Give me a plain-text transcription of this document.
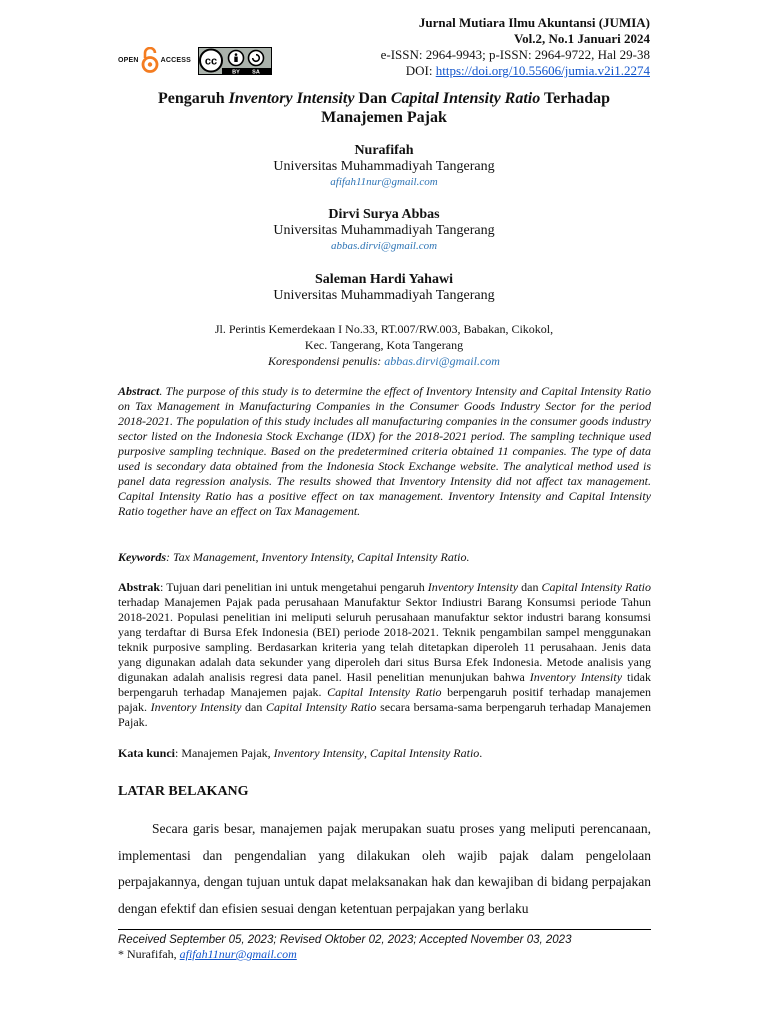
Jurnal Mutiara Ilmu Akuntansi (JUMIA)
Vol.2, No.1 Januari 2024
e-ISSN: 2964-9943; p-ISSN: 2964-9722, Hal 29-38
DOI: https://doi.org/10.55606/jumia.v2i1.2274
OPEN	ACCESS cc
BY SA
Pengaruh Inventory Intensity Dan Capital Intensity Ratio Terhadap
Manajemen Pajak
Nurafifah
Universitas Muhammadiyah Tangerang
afifah11nur@gmail.com
Dirvi Surya Abbas
Universitas Muhammadiyah Tangerang
abbas.dirvi@gmail.com
Saleman Hardi Yahawi
Universitas Muhammadiyah Tangerang
Jl. Perintis Kemerdekaan I No.33, RT.007/RW.003, Babakan, Cikokol,
Kec. Tangerang, Kota Tangerang
Korespondensi penulis: abbas.dirvi@gmail.com
Abstract. The purpose of this study is to determine the effect of Inventory Intensity and Capital Intensity Ratio on Tax Management in Manufacturing Companies in the Consumer Goods Industry Sector for the period 2018-2021. The population of this study includes all manufacturing companies in the consumer goods industry sector listed on the Indonesia Stock Exchange (IDX) for the 2018-2021 period. The sampling technique used purposive sampling technique. Based on the predetermined criteria obtained 11 companies. The type of data used is secondary data obtained from the Indonesia Stock Exchange website. The analytical method used is panel data regression analysis. The results showed that Inventory Intensity did not affect tax management. Capital Intensity Ratio has a positive effect on tax management. Inventory Intensity and Capital Intensity Ratio together have an effect on Tax Management.
Keywords: Tax Management, Inventory Intensity, Capital Intensity Ratio.
Abstrak: Tujuan dari penelitian ini untuk mengetahui pengaruh Inventory Intensity dan Capital Intensity Ratio terhadap Manajemen Pajak pada perusahaan Manufaktur Sektor Indiustri Barang Konsumsi periode Tahun 2018-2021. Populasi penelitian ini meliputi seluruh perusahaan manufaktur sektor industri barang konsumsi yang terdaftar di Bursa Efek Indonesia (BEI) periode 2018-2021. Teknik pengambilan sampel menggunakan teknik purposive sampling. Berdasarkan kriteria yang telah ditetapkan diperoleh 11 perusahaan. Jenis data yang digunakan adalah data sekunder yang diperoleh dari situs Bursa Efek Indonesia. Metode analisis yang digunakan adalah analisis regresi data panel. Hasil penelitian menunjukan bahwa Inventory Intensity tidak berpengaruh terhadap Manajemen pajak. Capital Intensity Ratio berpengaruh positif terhadap manajemen pajak. Inventory Intensity dan Capital Intensity Ratio secara bersama-sama berpengaruh terhadap Manajemen Pajak.
Kata kunci: Manajemen Pajak, Inventory Intensity, Capital Intensity Ratio.
LATAR BELAKANG
Secara garis besar, manajemen pajak merupakan suatu proses yang meliputi perencanaan, implementasi dan pengendalian yang dilakukan oleh wajib pajak dalam pengelolaan perpajakannya, dengan tujuan untuk dapat melaksanakan hak dan kewajiban di bidang perpajakan dengan efektif dan efisien sesuai dengan ketentuan perpajakan yang berlaku
Received September 05, 2023; Revised Oktober 02, 2023; Accepted November 03, 2023
* Nurafifah, afifah11nur@gmail.com
